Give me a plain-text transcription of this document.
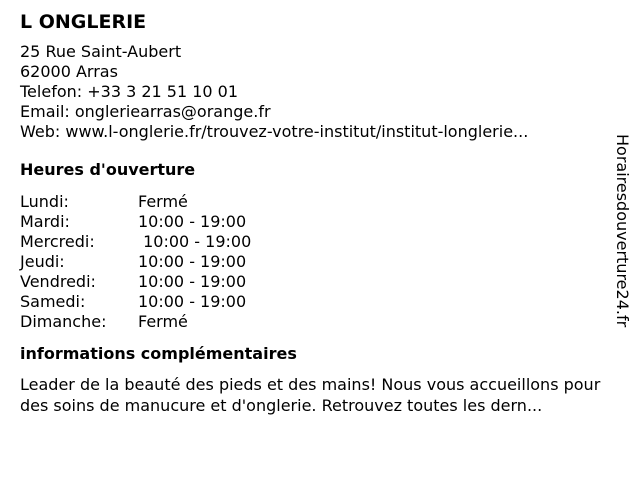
L ONGLERIE
25 Rue Saint-Aubert
62000 Arras
Telefon: +33 3 21 51 10 01
Email: ongleriearras@orange.fr
Web: www.l-onglerie.fr/trouvez-votre-institut/institut-longlerie...
Heures d'ouverture
Lundi:	Fermé
Mardi:	10:00 - 19:00
Mercredi:	10:00 - 19:00
Jeudi:	10:00 - 19:00
Vendredi:	10:00 - 19:00
Samedi:	10:00 - 19:00
Dimanche:	Fermé
informations complémentaires
Leader de la beauté des pieds et des mains! Nous vous accueillons pour des soins de manucure et d'onglerie. Retrouvez toutes les dern...
Horairesdouverture24.fr
